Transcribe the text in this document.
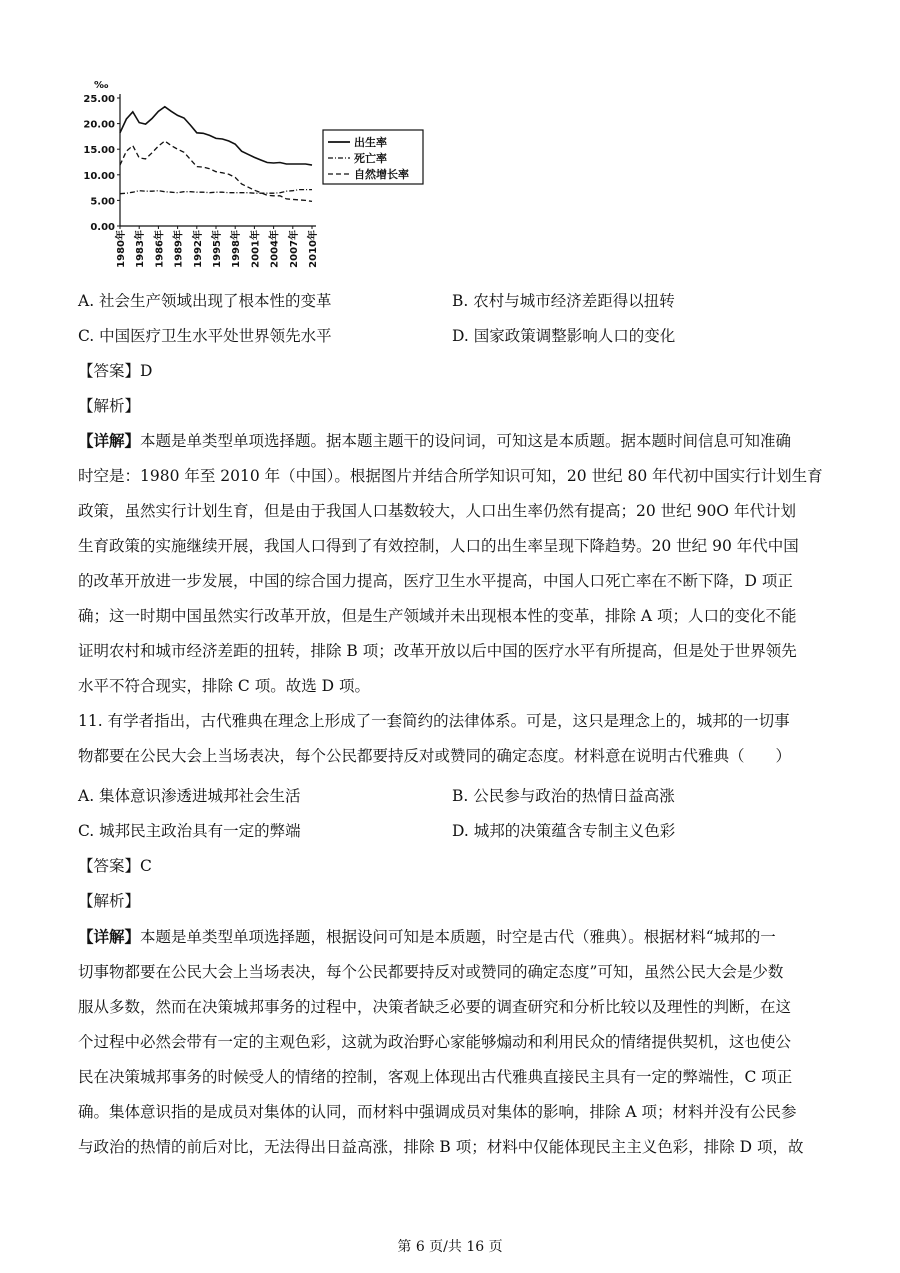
‰
0.00
5.00
10.00
15.00
20.00
25.00
1980年 1983年 1986年 1989年 1992年 1995年 1998年 2001年 2004年 2007年 2010年
出生率
死亡率
自然增长率
A. 社会生产领域出现了根本性的变革	B. 农村与城市经济差距得以扭转
C. 中国医疗卫生水平处世界领先水平	D. 国家政策调整影响人口的变化
【答案】D
【解析】
【详解】本题是单类型单项选择题。据本题主题干的设问词，可知这是本质题。据本题时间信息可知准确
时空是：1980 年至 2010 年（中国）。根据图片并结合所学知识可知，20 世纪 80 年代初中国实行计划生育
政策，虽然实行计划生育，但是由于我国人口基数较大，人口出生率仍然有提高；20 世纪 90O 年代计划
生育政策的实施继续开展，我国人口得到了有效控制，人口的出生率呈现下降趋势。20 世纪 90 年代中国
的改革开放进一步发展，中国的综合国力提高，医疗卫生水平提高，中国人口死亡率在不断下降，D 项正
确；这一时期中国虽然实行改革开放，但是生产领域并未出现根本性的变革，排除 A 项；人口的变化不能
证明农村和城市经济差距的扭转，排除 B 项；改革开放以后中国的医疗水平有所提高，但是处于世界领先
水平不符合现实，排除 C 项。故选 D 项。
11. 有学者指出，古代雅典在理念上形成了一套简约的法律体系。可是，这只是理念上的，城邦的一切事
物都要在公民大会上当场表决，每个公民都要持反对或赞同的确定态度。材料意在说明古代雅典（　　）
A. 集体意识渗透进城邦社会生活	B. 公民参与政治的热情日益高涨
C. 城邦民主政治具有一定的弊端	D. 城邦的决策蕴含专制主义色彩
【答案】C
【解析】
【详解】本题是单类型单项选择题，根据设问可知是本质题，时空是古代（雅典）。根据材料“城邦的一
切事物都要在公民大会上当场表决，每个公民都要持反对或赞同的确定态度”可知，虽然公民大会是少数
服从多数，然而在决策城邦事务的过程中，决策者缺乏必要的调查研究和分析比较以及理性的判断，在这
个过程中必然会带有一定的主观色彩，这就为政治野心家能够煽动和利用民众的情绪提供契机，这也使公
民在决策城邦事务的时候受人的情绪的控制，客观上体现出古代雅典直接民主具有一定的弊端性，C 项正
确。集体意识指的是成员对集体的认同，而材料中强调成员对集体的影响，排除 A 项；材料并没有公民参
与政治的热情的前后对比，无法得出日益高涨，排除 B 项；材料中仅能体现民主主义色彩，排除 D 项，故
第 6 页/共 16 页
